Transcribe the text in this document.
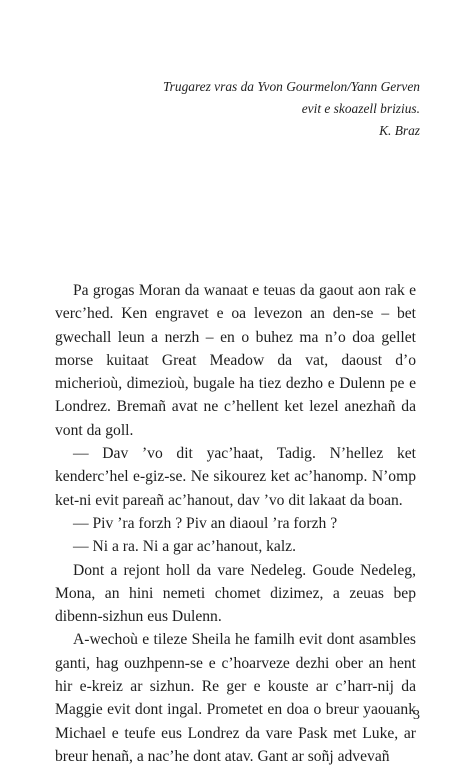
Trugarez vras da Yvon Gourmelon/Yann Gerven
evit e skoazell brizius.
K. Braz

Pa grogas Moran da wanaat e teuas da gaout aon rak e verc’hed. Ken engravet e oa levezon an den-se – bet gwechall leun a nerzh – en o buhez ma n’o doa gellet morse kuitaat Great Meadow da vat, daoust d’o micherioù, dimezioù, bugale ha tiez dezho e Dulenn pe e Londrez. Bremañ avat ne c’hellent ket lezel anezhañ da vont da goll.

— Dav ’vo dit yac’haat, Tadig. N’hellez ket kenderc’hel e-giz-se. Ne sikourez ket ac’hanomp. N’omp ket-ni evit pareañ ac’hanout, dav ’vo dit lakaat da boan.

— Piv ’ra forzh ? Piv an diaoul ’ra forzh ?

— Ni a ra. Ni a gar ac’hanout, kalz.

Dont a rejont holl da vare Nedeleg. Goude Nedeleg, Mona, an hini nemeti chomet dizimez, a zeuas bep dibenn-sizhun eus Dulenn.

A-wechoù e tileze Sheila he familh evit dont asambles ganti, hag ouzhpenn-se e c’hoarveze dezhi ober an hent hir e-kreiz ar sizhun. Re ger e kouste ar c’harr-nij da Maggie evit dont ingal. Prometet en doa o breur yaouank Michael e teufe eus Londrez da vare Pask met Luke, ar breur henañ, a nac’he dont atav. Gant ar soñj advevañ

3
